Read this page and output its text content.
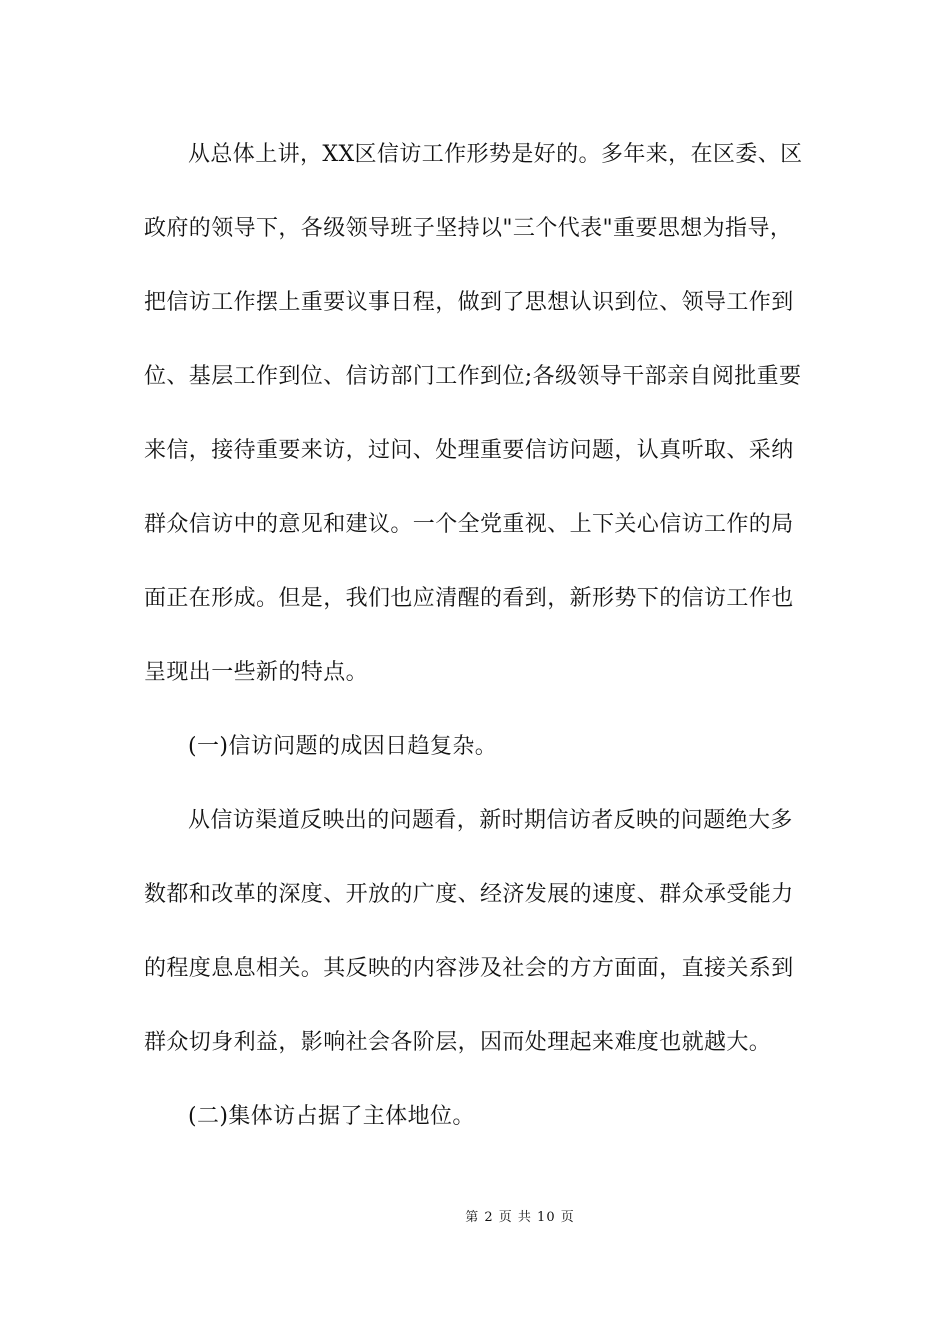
从总体上讲，XX区信访工作形势是好的。多年来，在区委、区
政府的领导下，各级领导班子坚持以"三个代表"重要思想为指导，
把信访工作摆上重要议事日程，做到了思想认识到位、领导工作到
位、基层工作到位、信访部门工作到位;各级领导干部亲自阅批重要
来信，接待重要来访，过问、处理重要信访问题，认真听取、采纳
群众信访中的意见和建议。一个全党重视、上下关心信访工作的局
面正在形成。但是，我们也应清醒的看到，新形势下的信访工作也
呈现出一些新的特点。
(一)信访问题的成因日趋复杂。
从信访渠道反映出的问题看，新时期信访者反映的问题绝大多
数都和改革的深度、开放的广度、经济发展的速度、群众承受能力
的程度息息相关。其反映的内容涉及社会的方方面面，直接关系到
群众切身利益，影响社会各阶层，因而处理起来难度也就越大。
(二)集体访占据了主体地位。
第 2 页 共 10 页
